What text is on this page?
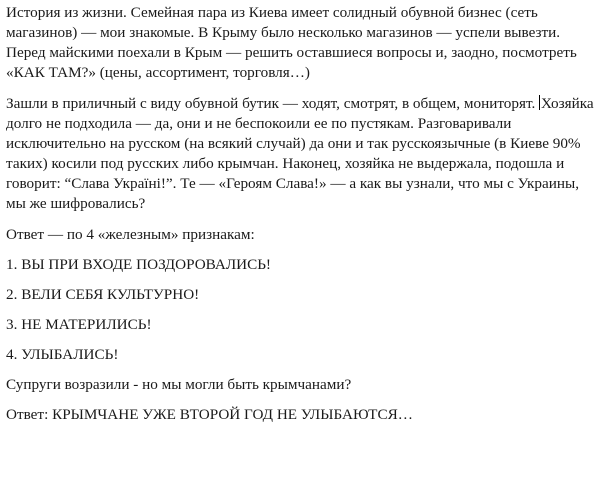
История из жизни. Семейная пара из Киева имеет солидный обувной бизнес (сеть магазинов) — мои знакомые. В Крыму было несколько магазинов — успели вывезти. Перед майскими поехали в Крым — решить оставшиеся вопросы и, заодно, посмотреть «КАК ТАМ?» (цены, ассортимент, торговля…)

Зашли в приличный с виду обувной бутик — ходят, смотрят, в общем, мониторят. Хозяйка долго не подходила — да, они и не беспокоили ее по пустякам. Разговаривали исключительно на русском (на всякий случай) да они и так русскоязычные (в Киеве 90% таких) косили под русских либо крымчан. Наконец, хозяйка не выдержала, подошла и говорит: “Слава Україні!”. Те — «Героям Слава!» — а как вы узнали, что мы с Украины, мы же шифровались?

Ответ — по 4 «железным» признакам:

1. ВЫ ПРИ ВХОДЕ ПОЗДОРОВАЛИСЬ!

2. ВЕЛИ СЕБЯ КУЛЬТУРНО!

3. НЕ МАТЕРИЛИСЬ!

4. УЛЫБАЛИСЬ!

Супруги возразили - но мы могли быть крымчанами?

Ответ: КРЫМЧАНЕ УЖЕ ВТОРОЙ ГОД НЕ УЛЫБАЮТСЯ…
